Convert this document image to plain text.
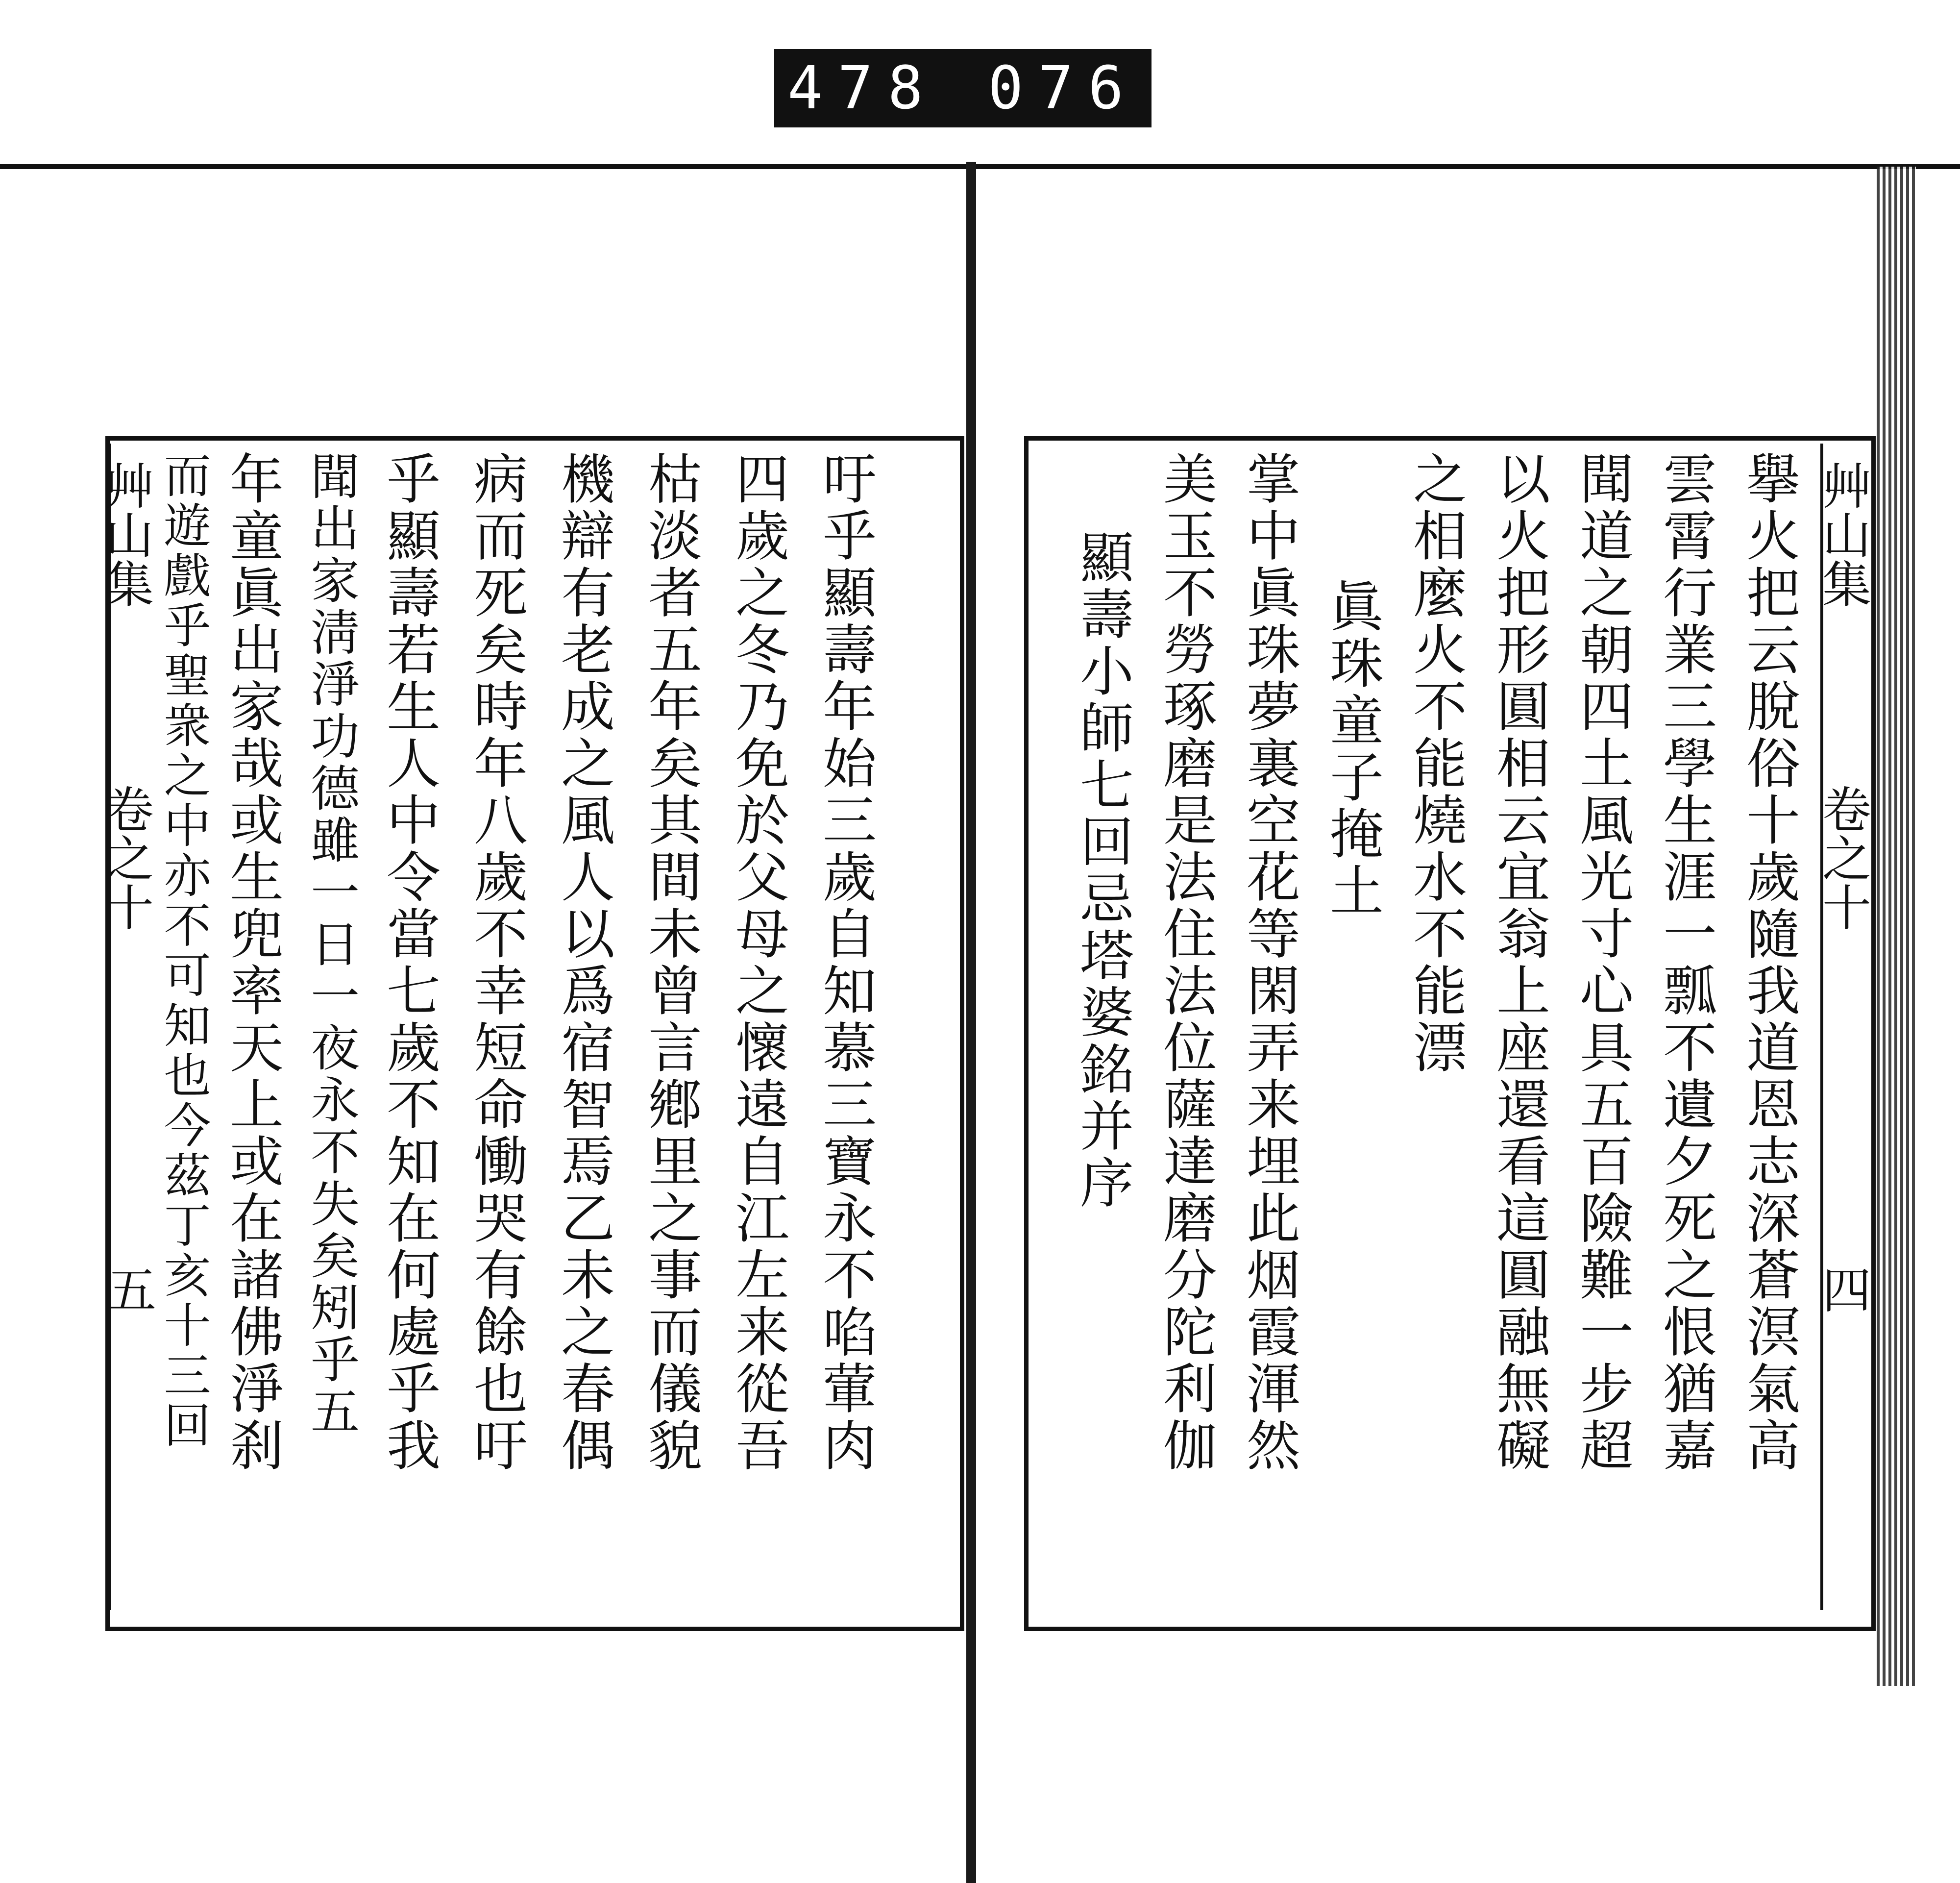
478 076
吁乎顯壽年始三歲自知慕三寶永不啗葷肉
四歲之冬乃免於父母之懷遠自江左来從吾
枯淡者五年矣其間未曾言鄕里之事而儀貌
機辯有老成之風人以爲宿智焉乙未之春偶
病而死矣時年八歲不幸短命慟哭有餘也吁
乎顯壽若生人中令當七歲不知在何處乎我
聞出家淸淨功德雖一日一夜永不失矣矧乎五
年童眞出家哉或生兜率天上或在諸佛淨刹
而遊戲乎聖衆之中亦不可知也今茲丁亥十三回
艸山集
卷之十
五	擧火把云脫俗十歲隨我道恩志深蒼溟氣高
雲霄行業三學生涯一瓢不遺夕死之恨猶嘉
聞道之朝四土風光寸心具五百險難一步超
以火把形圓相云宜翁上座還看這圓融無礙
之相麼火不能燒水不能漂
眞珠童子掩土
掌中眞珠夢裏空花等閑弄来埋此烟霞渾然
美玉不勞琢磨是法住法位薩達磨分陀利伽
顯壽小師七回忌塔婆銘并序	艸山集
卷之十
四
